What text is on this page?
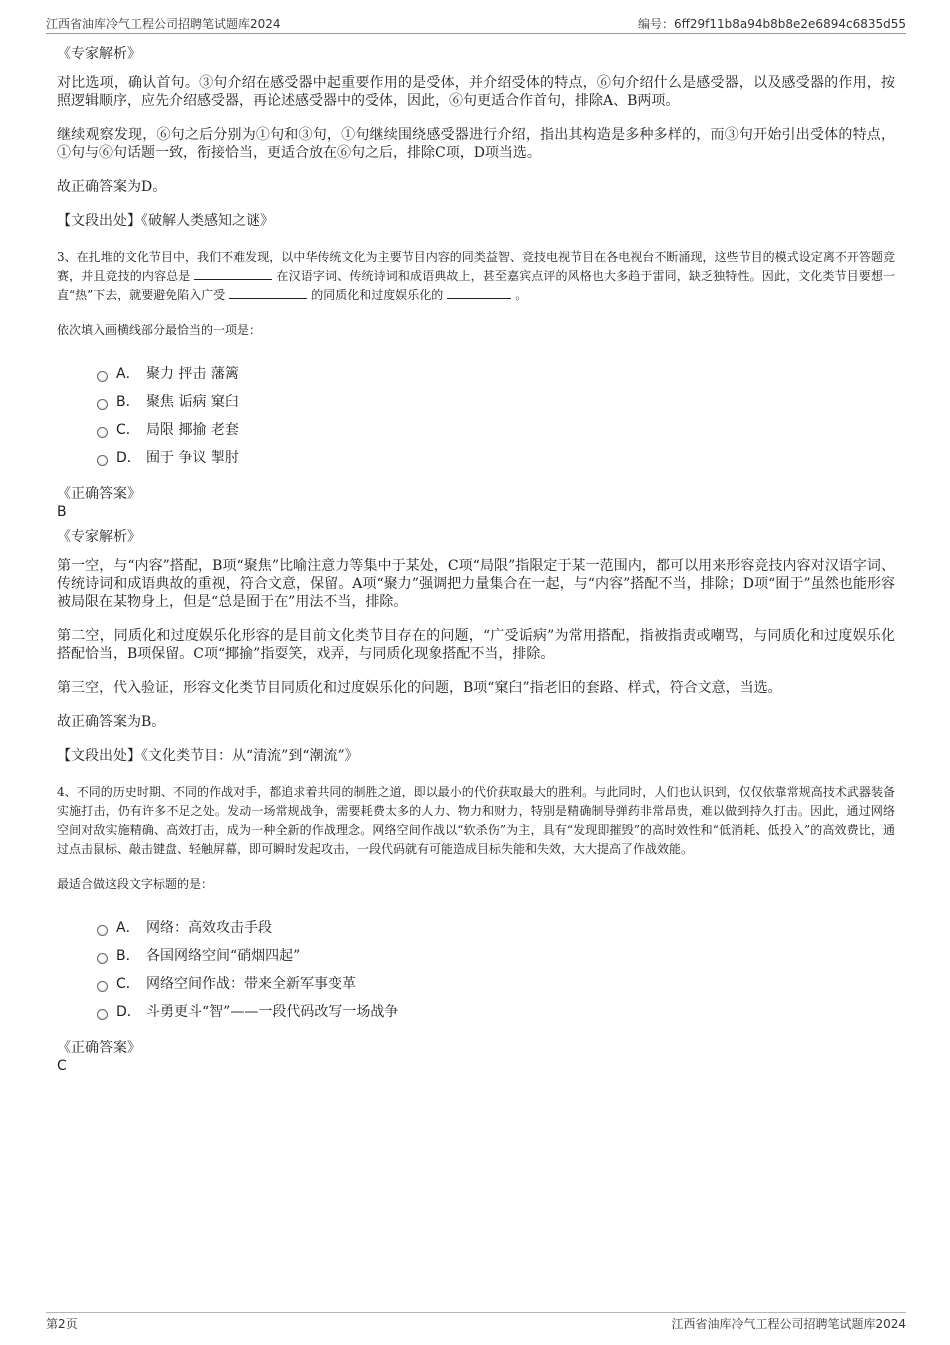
江西省油库冷气工程公司招聘笔试题库2024	编号：6ff29f11b8a94b8b8e2e6894c6835d55

《专家解析》

对比选项，确认首句。③句介绍在感受器中起重要作用的是受体，并介绍受体的特点，⑥句介绍什么是感受器，以及感受器的作用，按照逻辑顺序，应先介绍感受器，再论述感受器中的受体，因此，⑥句更适合作首句，排除A、B两项。

继续观察发现，⑥句之后分别为①句和③句，①句继续围绕感受器进行介绍，指出其构造是多种多样的，而③句开始引出受体的特点，①句与⑥句话题一致，衔接恰当，更适合放在⑥句之后，排除C项，D项当选。

故正确答案为D。

【文段出处】《破解人类感知之谜》

3、在扎堆的文化节目中，我们不难发现，以中华传统文化为主要节目内容的同类益智、竞技电视节目在各电视台不断涌现，这些节目的模式设定离不开答题竞赛，并且竞技的内容总是	在汉语字词、传统诗词和成语典故上，甚至嘉宾点评的风格也大多趋于雷同，缺乏独特性。因此，文化类节目要想一直“热”下去，就要避免陷入广受	的同质化和过度娱乐化的	。

依次填入画横线部分最恰当的一项是：

A． 聚力 抨击 藩篱
B． 聚焦 诟病 窠臼
C． 局限 揶揄 老套
D． 囿于 争议 掣肘

《正确答案》

B

《专家解析》

第一空，与“内容”搭配，B项“聚焦”比喻注意力等集中于某处，C项“局限”指限定于某一范围内，都可以用来形容竞技内容对汉语字词、传统诗词和成语典故的重视，符合文意，保留。A项“聚力”强调把力量集合在一起，与“内容”搭配不当，排除；D项“囿于”虽然也能形容被局限在某物身上，但是“总是囿于在”用法不当，排除。

第二空，同质化和过度娱乐化形容的是目前文化类节目存在的问题，“广受诟病”为常用搭配，指被指责或嘲骂，与同质化和过度娱乐化搭配恰当，B项保留。C项“揶揄”指耍笑，戏弄，与同质化现象搭配不当，排除。

第三空，代入验证，形容文化类节目同质化和过度娱乐化的问题，B项“窠臼”指老旧的套路、样式，符合文意，当选。

故正确答案为B。

【文段出处】《文化类节目：从“清流”到“潮流”》

4、不同的历史时期、不同的作战对手，都追求着共同的制胜之道，即以最小的代价获取最大的胜利。与此同时，人们也认识到，仅仅依靠常规高技术武器装备实施打击，仍有许多不足之处。发动一场常规战争，需要耗费太多的人力、物力和财力，特别是精确制导弹药非常昂贵，难以做到持久打击。因此，通过网络空间对敌实施精确、高效打击，成为一种全新的作战理念。网络空间作战以“软杀伤”为主，具有“发现即摧毁”的高时效性和“低消耗、低投入”的高效费比，通过点击鼠标、敲击键盘、轻触屏幕，即可瞬时发起攻击，一段代码就有可能造成目标失能和失效，大大提高了作战效能。

最适合做这段文字标题的是：

A． 网络：高效攻击手段
B． 各国网络空间“硝烟四起”
C． 网络空间作战：带来全新军事变革
D． 斗勇更斗“智”——一段代码改写一场战争

《正确答案》

C

第2页	江西省油库冷气工程公司招聘笔试题库2024
